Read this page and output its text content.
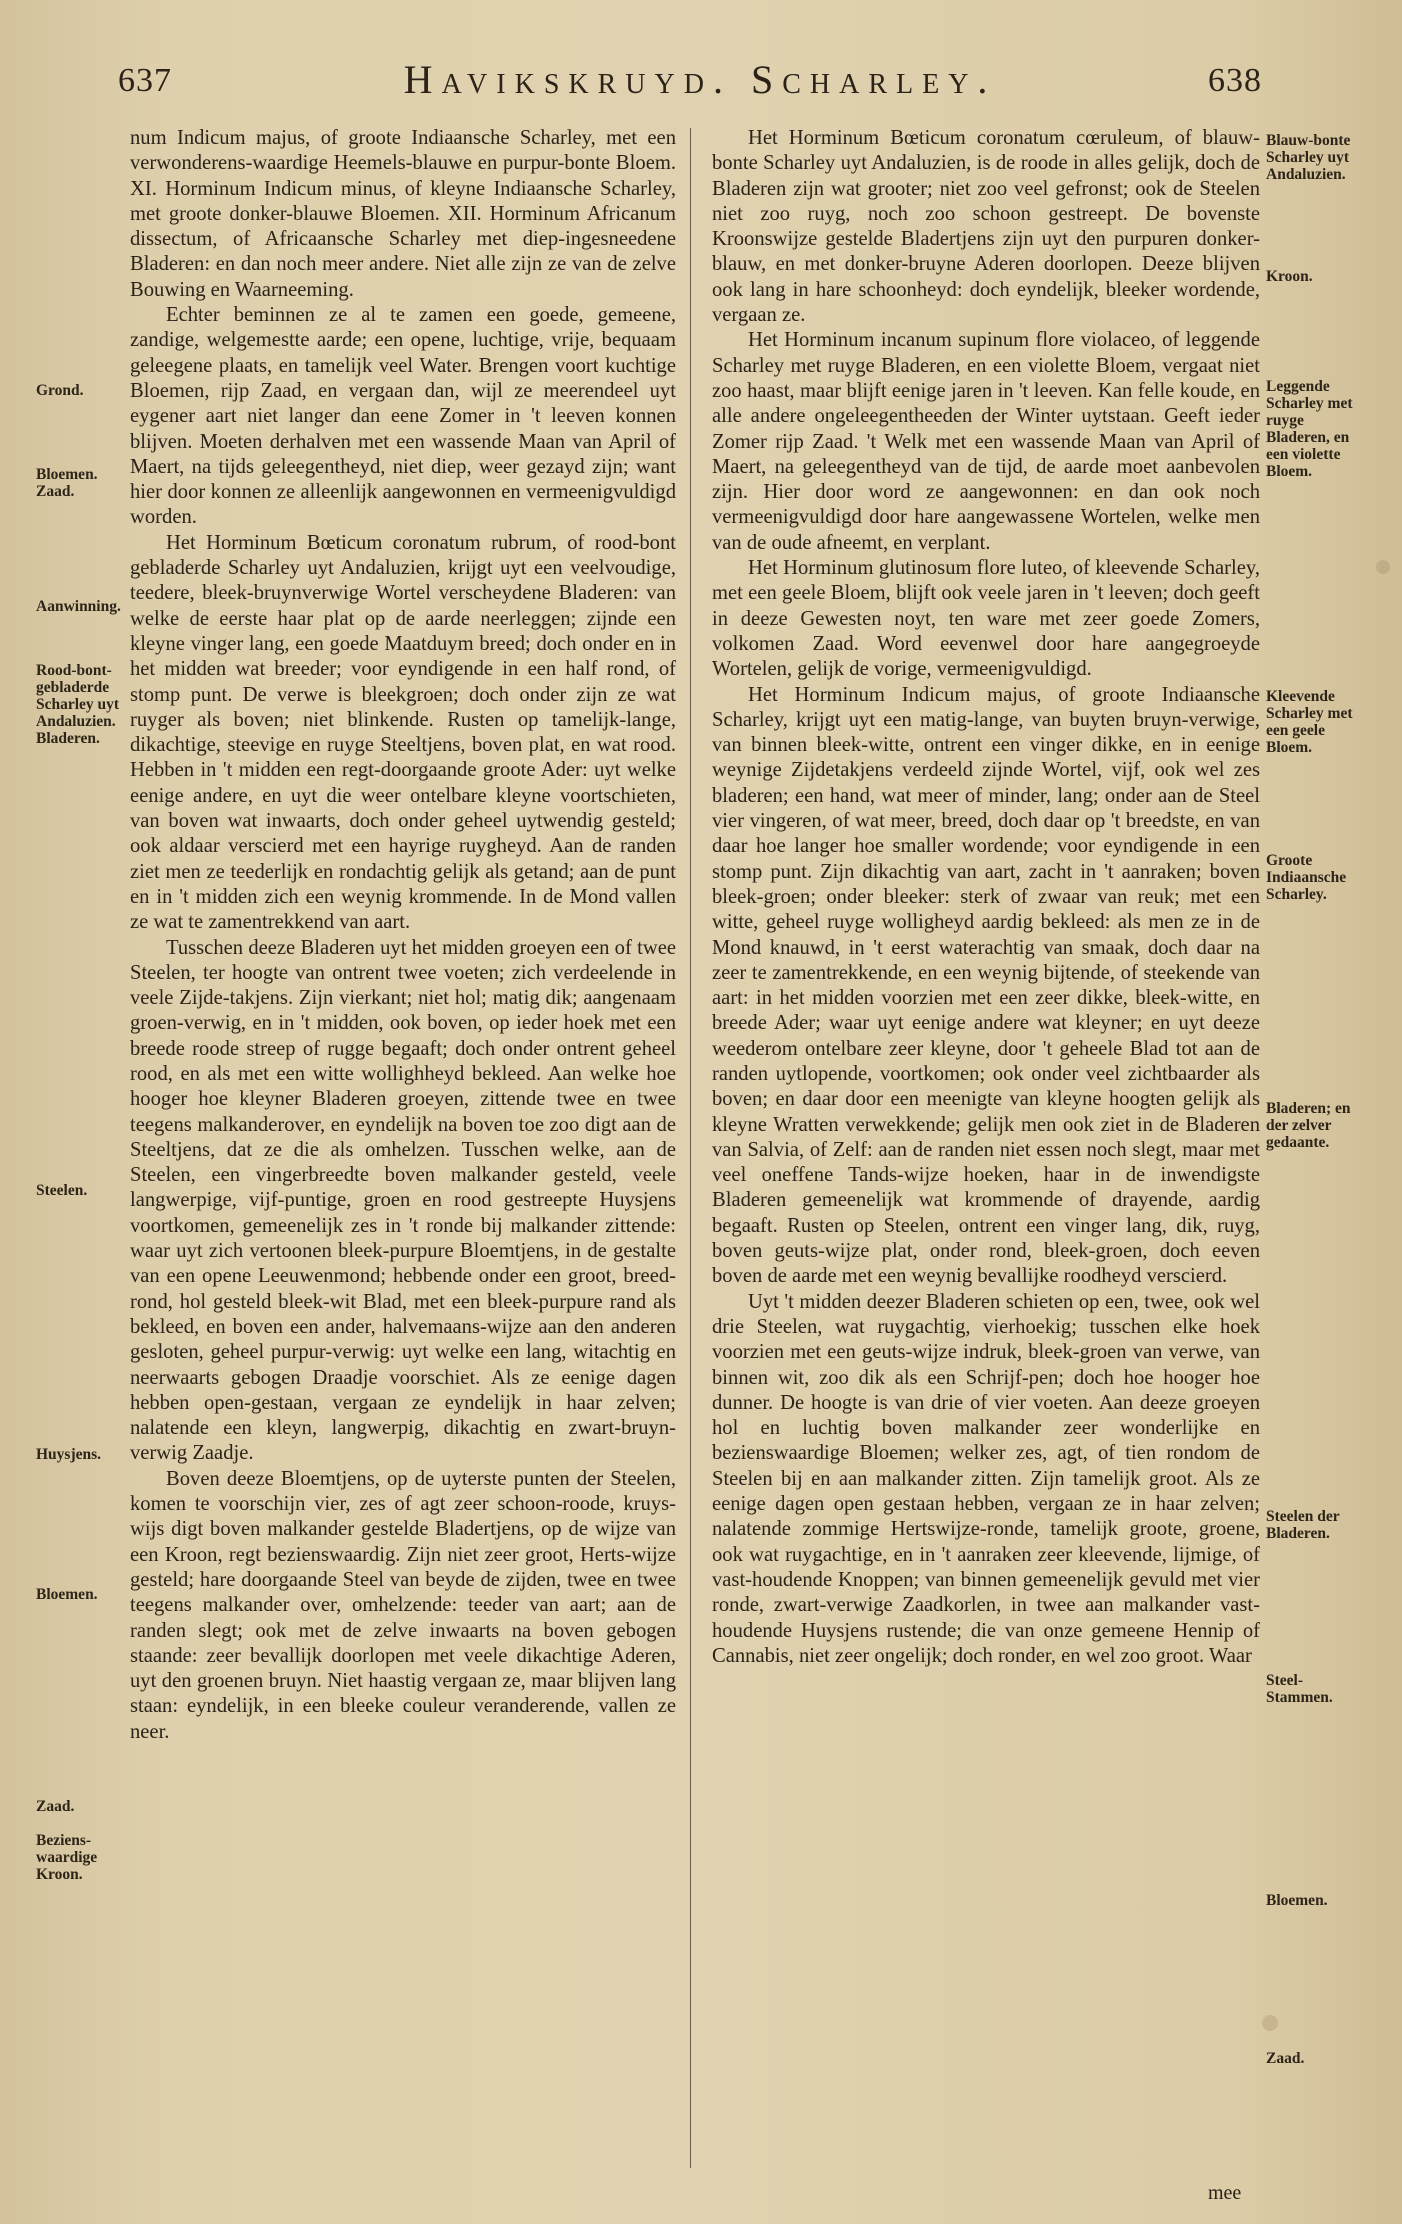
637	Havikskruyd. Scharley.	638

num Indicum majus, of groote Indiaansche Scharley, met een verwonderens-waardige Heemels-blauwe en purpur-bonte Bloem. XI. Horminum Indicum minus, of kleyne Indiaansche Scharley, met groote donker-blauwe Bloemen. XII. Horminum Africanum dissectum, of Africaansche Scharley met diep-ingesneedene Bladeren: en dan noch meer andere. Niet alle zijn ze van de zelve Bouwing en Waarneeming.

Echter beminnen ze al te zamen een goede, gemeene, zandige, welgemestte aarde; een opene, luchtige, vrije, bequaam geleegene plaats, en tamelijk veel Water. Brengen voort kuchtige Bloemen, rijp Zaad, en vergaan dan, wijl ze meerendeel uyt eygener aart niet langer dan eene Zomer in 't leeven konnen blijven. Moeten derhalven met een wassende Maan van April of Maert, na tijds geleegentheyd, niet diep, weer gezayd zijn; want hier door konnen ze alleenlijk aangewonnen en vermeenigvuldigd worden.

Het Horminum Bœticum coronatum rubrum, of rood-bont gebladerde Scharley uyt Andaluzien, krijgt uyt een veelvoudige, teedere, bleek-bruynverwige Wortel verscheydene Bladeren: van welke de eerste haar plat op de aarde neerleggen; zijnde een kleyne vinger lang, een goede Maatduym breed; doch onder en in het midden wat breeder; voor eyndigende in een half rond, of stomp punt. De verwe is bleekgroen; doch onder zijn ze wat ruyger als boven; niet blinkende. Rusten op tamelijk-lange, dikachtige, steevige en ruyge Steeltjens, boven plat, en wat rood. Hebben in 't midden een regt-doorgaande groote Ader: uyt welke eenige andere, en uyt die weer ontelbare kleyne voortschieten, van boven wat inwaarts, doch onder geheel uytwendig gesteld; ook aldaar verscierd met een hayrige ruygheyd. Aan de randen ziet men ze teederlijk en rondachtig gelijk als getand; aan de punt en in 't midden zich een weynig krommende. In de Mond vallen ze wat te zamentrekkend van aart.

Tusschen deeze Bladeren uyt het midden groeyen een of twee Steelen, ter hoogte van ontrent twee voeten; zich verdeelende in veele Zijde-takjens. Zijn vierkant; niet hol; matig dik; aangenaam groen-verwig, en in 't midden, ook boven, op ieder hoek met een breede roode streep of rugge begaaft; doch onder ontrent geheel rood, en als met een witte wollighheyd bekleed. Aan welke hoe hooger hoe kleyner Bladeren groeyen, zittende twee en twee teegens malkanderover, en eyndelijk na boven toe zoo digt aan de Steeltjens, dat ze die als omhelzen. Tusschen welke, aan de Steelen, een vingerbreedte boven malkander gesteld, veele langwerpige, vijf-puntige, groen en rood gestreepte Huysjens voortkomen, gemeenelijk zes in 't ronde bij malkander zittende: waar uyt zich vertoonen bleek-purpure Bloemtjens, in de gestalte van een opene Leeuwenmond; hebbende onder een groot, breed-rond, hol gesteld bleek-wit Blad, met een bleek-purpure rand als bekleed, en boven een ander, halvemaans-wijze aan den anderen gesloten, geheel purpur-verwig: uyt welke een lang, witachtig en neerwaarts gebogen Draadje voorschiet. Als ze eenige dagen hebben open-gestaan, vergaan ze eyndelijk in haar zelven; nalatende een kleyn, langwerpig, dikachtig en zwart-bruyn-verwig Zaadje.

Boven deeze Bloemtjens, op de uyterste punten der Steelen, komen te voorschijn vier, zes of agt zeer schoon-roode, kruys-wijs digt boven malkander gestelde Bladertjens, op de wijze van een Kroon, regt bezienswaardig. Zijn niet zeer groot, Herts-wijze gesteld; hare doorgaande Steel van beyde de zijden, twee en twee teegens malkander over, omhelzende: teeder van aart; aan de randen slegt; ook met de zelve inwaarts na boven gebogen staande: zeer bevallijk doorlopen met veele dikachtige Aderen, uyt den groenen bruyn. Niet haastig vergaan ze, maar blijven lang staan: eyndelijk, in een bleeke couleur veranderende, vallen ze neer.

Het Horminum Bœticum coronatum cœruleum, of blauw-bonte Scharley uyt Andaluzien, is de roode in alles gelijk, doch de Bladeren zijn wat grooter; niet zoo veel gefronst; ook de Steelen niet zoo ruyg, noch zoo schoon gestreept. De bovenste Kroonswijze gestelde Bladertjens zijn uyt den purpuren donker-blauw, en met donker-bruyne Aderen doorlopen. Deeze blijven ook lang in hare schoonheyd: doch eyndelijk, bleeker wordende, vergaan ze.

Het Horminum incanum supinum flore violaceo, of leggende Scharley met ruyge Bladeren, en een violette Bloem, vergaat niet zoo haast, maar blijft eenige jaren in 't leeven. Kan felle koude, en alle andere ongeleegentheeden der Winter uytstaan. Geeft ieder Zomer rijp Zaad. 't Welk met een wassende Maan van April of Maert, na geleegentheyd van de tijd, de aarde moet aanbevolen zijn. Hier door word ze aangewonnen: en dan ook noch vermeenigvuldigd door hare aangewassene Wortelen, welke men van de oude afneemt, en verplant.

Het Horminum glutinosum flore luteo, of kleevende Scharley, met een geele Bloem, blijft ook veele jaren in 't leeven; doch geeft in deeze Gewesten noyt, ten ware met zeer goede Zomers, volkomen Zaad. Word eevenwel door hare aangegroeyde Wortelen, gelijk de vorige, vermeenigvuldigd.

Het Horminum Indicum majus, of groote Indiaansche Scharley, krijgt uyt een matig-lange, van buyten bruyn-verwige, van binnen bleek-witte, ontrent een vinger dikke, en in eenige weynige Zijdetakjens verdeeld zijnde Wortel, vijf, ook wel zes bladeren; een hand, wat meer of minder, lang; onder aan de Steel vier vingeren, of wat meer, breed, doch daar op 't breedste, en van daar hoe langer hoe smaller wordende; voor eyndigende in een stomp punt. Zijn dikachtig van aart, zacht in 't aanraken; boven bleek-groen; onder bleeker: sterk of zwaar van reuk; met een witte, geheel ruyge wolligheyd aardig bekleed: als men ze in de Mond knauwd, in 't eerst waterachtig van smaak, doch daar na zeer te zamentrekkende, en een weynig bijtende, of steekende van aart: in het midden voorzien met een zeer dikke, bleek-witte, en breede Ader; waar uyt eenige andere wat kleyner; en uyt deeze weederom ontelbare zeer kleyne, door 't geheele Blad tot aan de randen uytlopende, voortkomen; ook onder veel zichtbaarder als boven; en daar door een meenigte van kleyne hoogten gelijk als kleyne Wratten verwekkende; gelijk men ook ziet in de Bladeren van Salvia, of Zelf: aan de randen niet essen noch slegt, maar met veel oneffene Tands-wijze hoeken, haar in de inwendigste Bladeren gemeenelijk wat krommende of drayende, aardig begaaft. Rusten op Steelen, ontrent een vinger lang, dik, ruyg, boven geuts-wijze plat, onder rond, bleek-groen, doch eeven boven de aarde met een weynig bevallijke roodheyd verscierd.

Uyt 't midden deezer Bladeren schieten op een, twee, ook wel drie Steelen, wat ruygachtig, vierhoekig; tusschen elke hoek voorzien met een geuts-wijze indruk, bleek-groen van verwe, van binnen wit, zoo dik als een Schrijf-pen; doch hoe hooger hoe dunner. De hoogte is van drie of vier voeten. Aan deeze groeyen hol en luchtig boven malkander zeer wonderlijke en bezienswaardige Bloemen; welker zes, agt, of tien rondom de Steelen bij en aan malkander zitten. Zijn tamelijk groot. Als ze eenige dagen open gestaan hebben, vergaan ze in haar zelven; nalatende zommige Hertswijze-ronde, tamelijk groote, groene, ook wat ruygachtige, en in 't aanraken zeer kleevende, lijmige, of vast-houdende Knoppen; van binnen gemeenelijk gevuld met vier ronde, zwart-verwige Zaadkorlen, in twee aan malkander vast-houdende Huysjens rustende; die van onze gemeene Hennip of Cannabis, niet zeer ongelijk; doch ronder, en wel zoo groot. Waar

Grond.
Bloemen. Zaad.
Aanwinning.
Rood-bont-gebladerde Scharley uyt Andaluzien. Bladeren.
Steelen.
Huysjens.
Bloemen.
Zaad.
Beziens-waardige Kroon.
Blauw-bonte Scharley uyt Andaluzien.
Kroon.
Leggende Scharley met ruyge Bladeren, en een violette Bloem.
Kleevende Scharley met een geele Bloem.
Groote Indiaansche Scharley.
Bladeren; en der zelver gedaante.
Steelen der Bladeren.
Steel-Stammen.
Bloemen.
Zaad.
mee
